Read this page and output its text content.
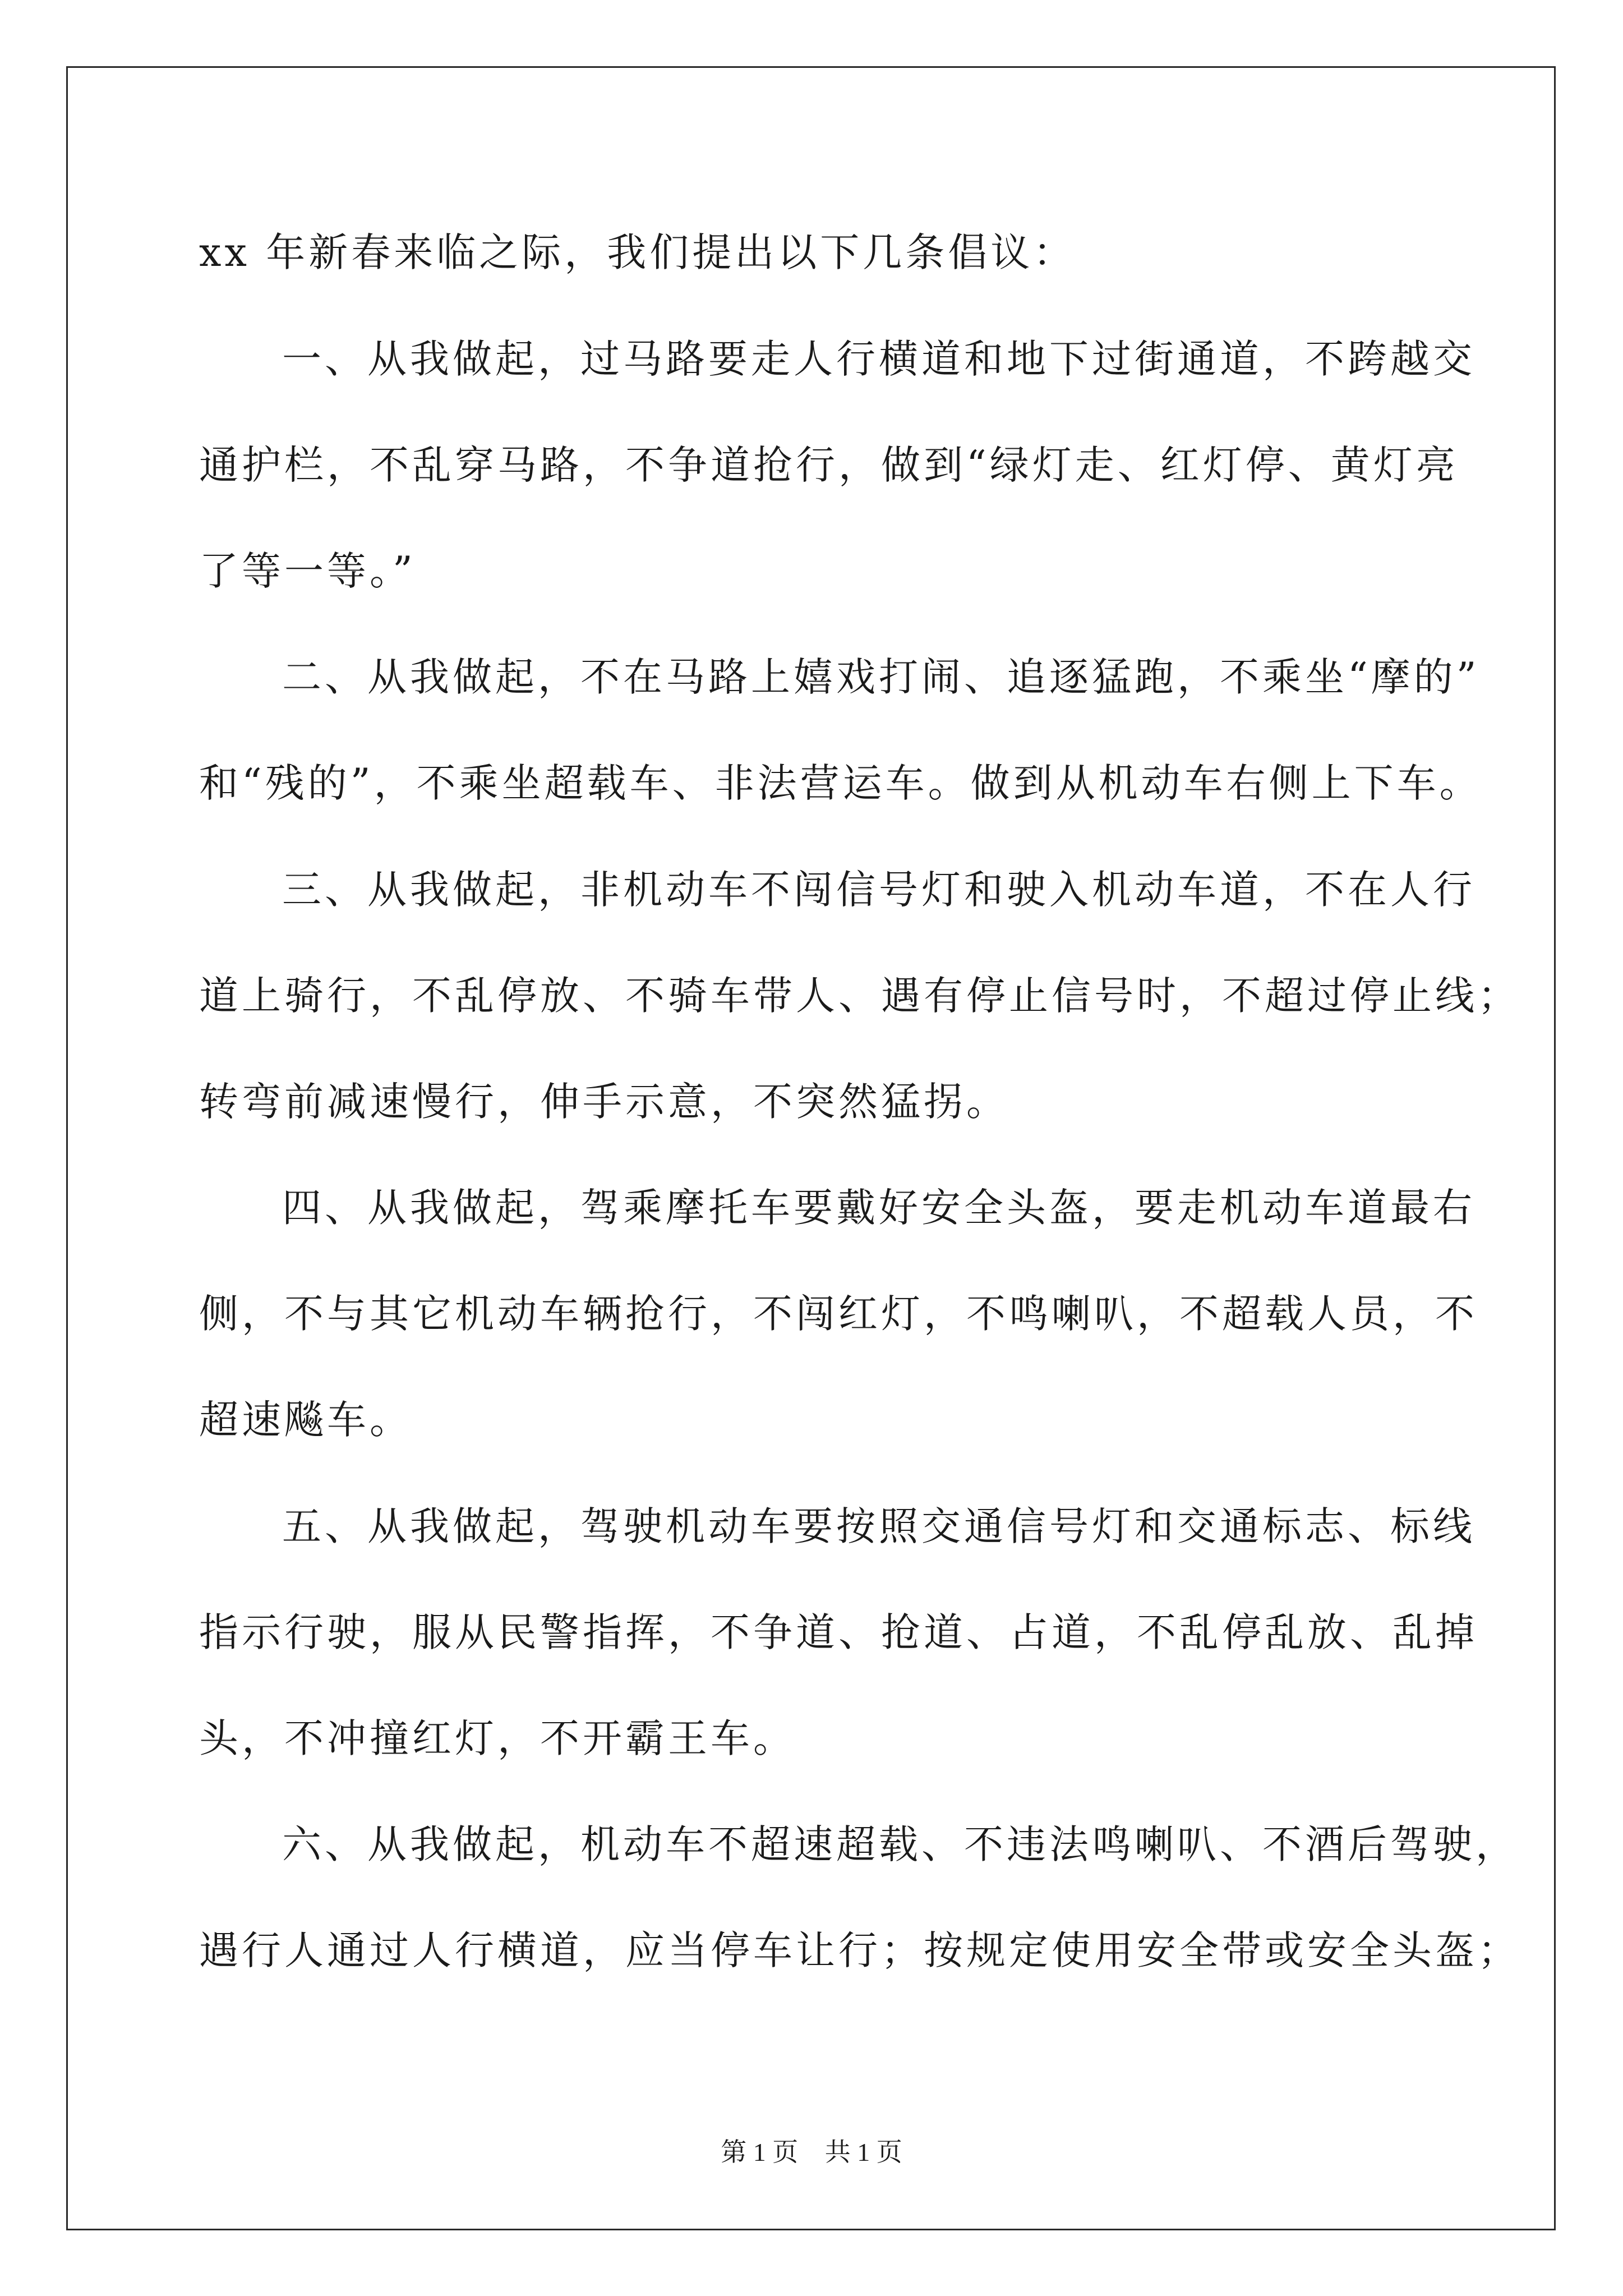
xx 年新春来临之际，我们提出以下几条倡议：
一、从我做起，过马路要走人行横道和地下过街通道，不跨越交
通护栏，不乱穿马路，不争道抢行，做到“绿灯走、红灯停、黄灯亮
了等一等。”
二、从我做起，不在马路上嬉戏打闹、追逐猛跑，不乘坐“摩的”
和“残的”，不乘坐超载车、非法营运车。做到从机动车右侧上下车。
三、从我做起，非机动车不闯信号灯和驶入机动车道，不在人行
道上骑行，不乱停放、不骑车带人、遇有停止信号时，不超过停止线；
转弯前减速慢行，伸手示意，不突然猛拐。
四、从我做起，驾乘摩托车要戴好安全头盔，要走机动车道最右
侧，不与其它机动车辆抢行，不闯红灯，不鸣喇叭，不超载人员，不
超速飚车。
五、从我做起，驾驶机动车要按照交通信号灯和交通标志、标线
指示行驶，服从民警指挥，不争道、抢道、占道，不乱停乱放、乱掉
头，不冲撞红灯，不开霸王车。
六、从我做起，机动车不超速超载、不违法鸣喇叭、不酒后驾驶，
遇行人通过人行横道，应当停车让行；按规定使用安全带或安全头盔；
第 1 页 共 1 页
